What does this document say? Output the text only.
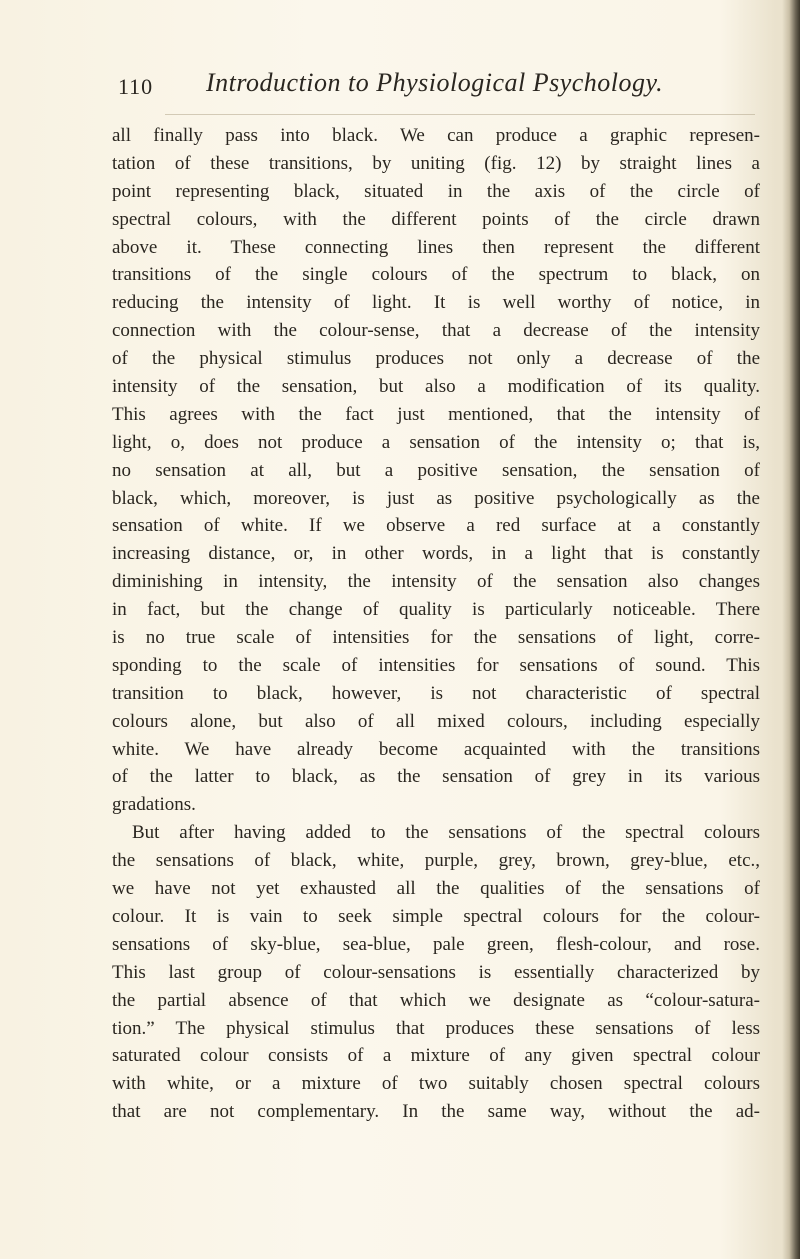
110 Introduction to Physiological Psychology.
all finally pass into black. We can produce a graphic represen-
tation of these transitions, by uniting (fig. 12) by straight lines a
point representing black, situated in the axis of the circle of
spectral colours, with the different points of the circle drawn
above it. These connecting lines then represent the different
transitions of the single colours of the spectrum to black, on
reducing the intensity of light. It is well worthy of notice, in
connection with the colour-sense, that a decrease of the intensity
of the physical stimulus produces not only a decrease of the
intensity of the sensation, but also a modification of its quality.
This agrees with the fact just mentioned, that the intensity of
light, o, does not produce a sensation of the intensity o; that is,
no sensation at all, but a positive sensation, the sensation of
black, which, moreover, is just as positive psychologically as the
sensation of white. If we observe a red surface at a constantly
increasing distance, or, in other words, in a light that is constantly
diminishing in intensity, the intensity of the sensation also changes
in fact, but the change of quality is particularly noticeable. There
is no true scale of intensities for the sensations of light, corre-
sponding to the scale of intensities for sensations of sound. This
transition to black, however, is not characteristic of spectral
colours alone, but also of all mixed colours, including especially
white. We have already become acquainted with the transitions
of the latter to black, as the sensation of grey in its various
gradations.
But after having added to the sensations of the spectral colours
the sensations of black, white, purple, grey, brown, grey-blue, etc.,
we have not yet exhausted all the qualities of the sensations of
colour. It is vain to seek simple spectral colours for the colour-
sensations of sky-blue, sea-blue, pale green, flesh-colour, and rose.
This last group of colour-sensations is essentially characterized by
the partial absence of that which we designate as “colour-satura-
tion.” The physical stimulus that produces these sensations of less
saturated colour consists of a mixture of any given spectral colour
with white, or a mixture of two suitably chosen spectral colours
that are not complementary. In the same way, without the ad-
